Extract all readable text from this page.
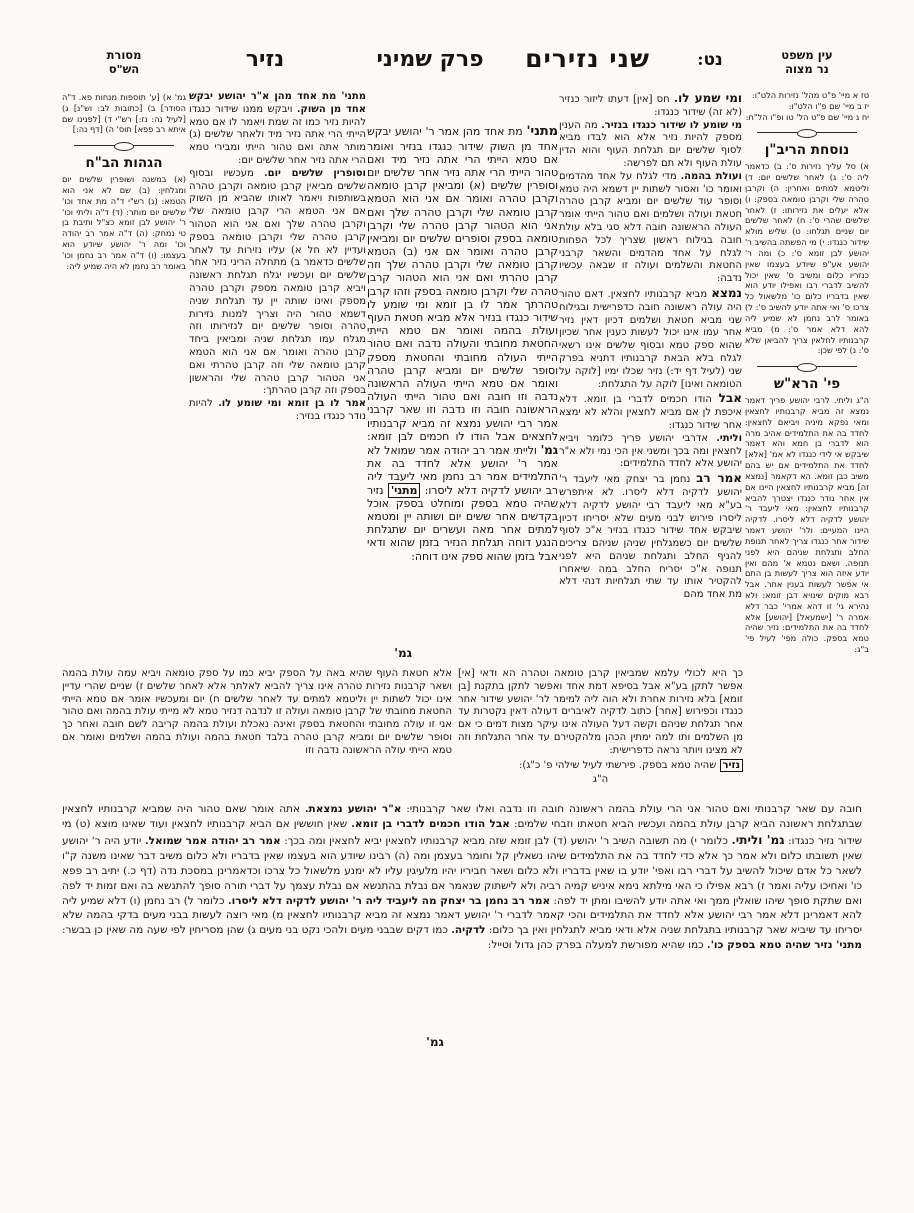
עין משפט
נר מצוה
נט:
שני נזירים
פרק שמיני
נזיר
מסורת
הש"ס
טז א מיי' פ"ט מהל' נזירות הלט"ו:
יז ב מיי' שם פ"ו הלט"ו:
יח ג מיי' שם פ"ט הל' טו ופ"ו הל"ח:
נוסחת הריב"ן
א) סל עליך נזירות ס': ב) כדאמר ליה ס': ג) לאחר שלשים יום: ד) וליטמא למתים ואחרין: ה) וקרבן טהרה שלי וקרבן טומאה בספק: ו) אלא יעלים את נזירותו: ז) לאחר שלשים שהרי ס': ח) לאחר שלשים יום שניים תגלחו: ט) שליש מולא שידור כנגדו: י) מי הפשתה בהשיב ר' יהושע לבן זומא ס': כ) ומה ר' יהושע אע"פ שיודע בעצמו שאין כנזריו כלום ומשיב ס' שאין יכול להשיב לדברי רבו ואפילו יודע הוא שאין בדבריו כלום כו' מלשאול כל צרכו ס' ואי אתה יודע להשיב ס': ל) באומר לרב נחמן לא שמיע ליה להא דלא אמר ס': מ) מביא קרבנותיו לחלאין צריך להביאן שלא ס': נ) לפי שכן:
פי' הרא"ש
ה"ג וליתי. לרבי יהושע פריך דאמר נמצא זה מביא קרבנותיו לחצאין ומאי נפקא מיניה ויביאם לחצאין: לחדד בה את התלמידים אהיב מרה הוא לדברי בן חמא והא דאמר שיבקש אי לידי כנגדו לא אמ' [אלא] לחדד את התלמידים אם יש בהם משיב כבן זומא. הא דקאמר [נמצא זה] מביא קרבנותיו לחצאין היינו אם אין אחר נודר כנגדו יצטרך להביא קרבנותיו לחצאין: מאי ליעבד ר' יהושע לדקיה דלא ליסרו. לדקיה היינו המעיים: ולר' יהושע דאמר שידור אחר כנגדו צריך לאחר תנופת החלב ותגלחת שניהם היא לפני תנופה. ושאם נטמא א' מהם ואין יודע איזה הוא צריך לעשות בן התם אי אפשר לעשות בענין אחר. אבל רבא מוקים שינויא דבן זומא: ולא נהירא גי' זו דהא אמרי' כבר דלא אמרה ר' [ישמעאל] [יהושע] אלא לחדד בה את התלמידים: נזיר שהיה טמא בספק. כולה מפי' לעיל פי' ב"ג:
ומי שמע לו. חס [אין] דעתו ליזור כנזיר (לא זה) שידור כנגדו:
מי שומע לו שידור כנגדו בנזיר. מה הענין מספק להיות נזיר אלא הוא לבדו מביא לסוף שלשים יום תגלחת העוף והוא הדין עולת העוף ולא תם לפרשה:
ועולת בהמה. מדי לגלח על אחד מהדמים ואומר כו' ואסור לשתות יין דשמא היה טמא וסופר עוד שלשים יום ומביא קרבן טהרה חטאת ועולה ושלמים ואם טהור הייתי אומר העולה הראשונה חובה דלא סגי בלא עולת חובה בגילוח ראשון שצריך לכל הפחות לגלח על אחד מהדמים והשאר קרבני החטאת והשלמים ועולה זו שבאה עכשיו נדבה:
נמצא מביא קרבנותיו לחצאין. דאם טהור היה עולה ראשונה חובה כדפרישית ובגילוח שני מביא חטאת ושלמים דכיון דאין נזיר אחר עמו אינו יכול לעשות כענין אחר שכיון שהוא ספק טמא ובסוף שלשים אינו רשאי לגלח בלא הבאת קרבנותיו דתניא בפרק שני (לעיל דף יד:) נזיר שכלו ימיו [לוקה על הטומאה ואינו] לוקה על התגלחת:
אבל הודו חכמים לדברי בן זומא. דלא איכפת לן אם מביא לחצאין והלא לא ימצא אחר שידור כנגדו:
וליתי. אדרבי יהושע פריך כלומר ויביא לחצאין ומה בכך ומשני אין הכי נמי ולא א"ר יהושע אלא לחדד התלמידים:
אמר רב נחמן בר יצחק מאי ליעבד ר' יהושע לדקיה דלא ליסרו. לא איתפרש בע"א מאי ליעבד רבי יהושע לדקיה דלא ליסרו פירוש לבני מעים שלא יסריחו דכיון שיבקש אחד שידור כנגדו בנזיר א"כ לסוף שלשים יום כשמגלחין שניהן שניהם צריכים להניף החלב ותגלחת שניהם היא לפני תנופה א"כ יסריח החלב במה שיאחרו להקטיר אותו עד שתי תגלחיות דנהי דלא מת אחד מהם
מתני' מת אחד מהן אמר ר' יהושע יבקש אחד מן השוק שידור כנגדו בנזיר ואומר אם טמא הייתי הרי אתה נזיר מיד ואם טהור הייתי הרי אתה נזיר אחר שלשים יום וסופרין שלשים (א) ומביאין קרבן טומאה וקרבן טהרה ואומר אם אני הוא הטמא קרבן טומאה שלי וקרבן טהרה שלך ואם אני הוא הטהור קרבן טהרה שלי וקרבן טומאה בספק וסופרים שלשים יום ומביאין קרבן טהרה ואומר אם אני (ב) הטמא קרבן טומאה שלי וקרבן טהרה שלך וזה קרבן טהרתי ואם אני הוא הטהור קרבן טהרה שלי וקרבן טומאה בספק וזהו קרבן טהרתך אמר לו בן זומא ומי שומע לו שידור כנגדו בנזיר אלא מביא חטאת העוף ועולת בהמה ואומר אם טמא הייתי החטאת מחובתי והעולה נדבה ואם טהור הייתי העולה מחובתי והחטאת מספק וסופר שלשים יום ומביא קרבן טהרה ואומר אם טמא הייתי העולה הראשונה נדבה וזו חובה ואם טהור הייתי העולה הראשונה חובה וזו נדבה וזו שאר קרבני אמר רבי יהושע נמצא זה מביא קרבנותיו לחצאים אבל הודו לו חכמים לבן זומא: גמ' ולייתי אמר רב יהודה אמר שמואל לא אמר ר' יהושע אלא לחדד בה את התלמידים אמר רב נחמן מאי ליעבד ליה רב יהושע לדקיה דלא ליסרו: מתני' נזיר שהיה טמא בספק ומוחלט בספק אוכל בקדשים אחר ששים יום ושותה יין ומטמא למתים אחר מאה ועשרים יום שתגלחת הנגע דוחה תגלחת הנזיר בזמן שהוא ודאי אבל בזמן שהוא ספק אינו דוחה:
גמ'
מתני' מת אחד מהן א"ר יהושע יבקש אחד מן השוק. ויבקש ממנו שידור כנגדו להיות נזיר כמו זה שמת ויאמר לו אם טמא הייתי הרי אתה נזיר מיד ולאחר שלשים (ג) מותר אתה ואם טהור הייתי ומבירי טמא הרי אתה נזיר אחר שלשים יום:
וסופרין שלשים יום. מעכשיו ובסוף שלשים מביאין קרבן טומאה וקרבן טהרה בשותפות ויאמר לאותו שהביא מן השוק אם אני הטמא הרי קרבן טומאה שלי וקרבן טהרה שלך ואם אני הוא הטהור קרבן טהרה שלי וקרבן טומאה בספק ועדיין לא חל א) עליו נזירות עד לאחר שלשים כדאמר ב) מתחלה הריני נזיר אחר שלשים יום ועכשיו יגלח תגלחת ראשונה ויביא קרבן טומאה מספק וקרבן טהרה מספק ואינו שותה יין עד תגלחת שניה דשמא טהור היה וצריך למנות נזירות טהרה וסופר שלשים יום לנזירותו וזה מגלח עמו תגלחת שניה ומביאין ביחד קרבן טהרה ואומר אם אני הוא הטמא קרבן טומאה שלי וזה קרבן טהרתי ואם אני הטהור קרבן טהרה שלי והראשון בספק וזה קרבן טהרתך:
אמר לו בן זומא ומי שומע לו. להיות נודר כנגדו בנזיר:
גמ' א) [ע' תוספות מנחות פא. ד"ה הסודר] ב) [כתובות לב: וש"נ] ג) [לעיל נה: נז:] רש"י ד) [לפנינו שם איתא רב פפא] תוס' ה) [דף נה:]
הגהות הב"ח
(א) במשנה ושופרין שלשים יום ומגלחין: (ב) שם לא אני הוא הטמא: (ג) רש"י ד"ה מת אחד וכו' שלשים יום מותר: (ד) ד"ה וליתי וכו' ר' יהושע לבן זומא כצ"ל ותיבת בן טי נמחק: (ה) ד"ה אמר רב יהודה וכו' ומה ר' יהושע שיודע הוא בעצמו: (ו) ד"ה אמר רב נחמן וכו' באומר רב נחמן לא היה שמיע ליה:
כך היא לכולי עלמא שמביאין קרבן טומאה וטהרה הא ודאי [אי] אפשר לתקן בע"א אבל בסיפא דמת אחד ואפשר לתקן בתקנת [בן זומא] בלא נזירות אחרת ולא הוה ליה למימר לר' יהושע שידור אחר כנגדו וכפירוש [אחר] כתוב לדקיה לאיברים דעולה דאין נקטרות עד אחר תגלחת שניהם וקשה דעל העולה אינו עיקר מצות דמים כי אם מן השלמים ותו למה ימתין הכהן מלהקטירם עד אחר התגלחת וזה לא מצינו ויותר נראה כדפרישית:
נזיר שהיה טמא בספק. פירשתי לעיל שילהי פ' כ"ג):
ה"ג
אלא חטאת העוף שהיא באה על הספק יביא כמו על ספק טומאה ויביא עמה עולת בהמה ושאר קרבנות נזירות טהרה אינו צריך להביא לאלתר אלא לאחר שלשים ז) שניים שהרי עדיין אינו יכול לשתות יין וליטמא למתים עד לאחר שלשים ח) יום ומעכשיו אומר אם טמא הייתי החטאת מחובתי של קרבן טומאה ועולה זו לנדבה דנזיר טמא לא מייתי עולת בהמה ואם טהור אני זו עולה מחובתי והחטאת בספק ואינה נאכלת ועולת בהמה קריבה לשם חובה ואחר כך וסופר שלשים יום ומביא קרבן טהרה בלבד חטאת בהמה ועולת בהמה ושלמים ואומר אם טמא הייתי עולה הראשונה נדבה וזו
חובה עם שאר קרבנותי ואם טהור אני הרי עולת בהמה ראשונה חובה וזו נדבה ואלו שאר קרבנותי: א"ר יהושע נמצאת. אתה אומר שאם טהור היה שמביא קרבנותיו לחצאין שבתגלחת ראשונה הביא קרבן עולת בהמה ועכשיו הביא חטאתו וזבחי שלמים: אבל הודו חכמים לדברי בן זומא. שאין חוששין אם הביא קרבנותיו לחצאין ועוד שאינו מוצא (ט) מי שידור נזיר כנגדו: גמ' וליתי. כלומר י) מה תשובה השיב ר' יהושע (ד) לבן זומא שזה מביא קרבנותיו לחצאין יביא לחצאין ומה בכך: אמר רב יהודה אמר שמואל. יודע היה ר' יהושע שאין תשובתו כלום ולא אמר כך אלא כדי לחדד בה את התלמידים שיהו נשאלין קל וחומר בעצמן ומה (ה) רבינו שיודע הוא בעצמו שאין בדבריו ולא כלום משיב דבר שאינו משנה ק"ו לשאר כל אדם שיכול להשיב על דברי רבו ואפי' יודע בו שאין בדבריו ולא כלום ושאר חביריו יהיו מלעיגין עליו לא ימנע מלשאול כל צרכו וכדאמרינן במסכת נדה (דף כ.) יתיב רב פפא כו' ואחיכו עליה ואמר ז) רבא אפילו כי האי מילתא נימא איניש קמיה רביה ולא לישתוק שנאמר אם נבלת בהתנשא אם נבלת עצמך על דברי תורה סופך להתנשא בה ואם זמות יד לפה ואם שתקת סופך שיהו שואלין ממך ואי אתה יודע להשיבו ומתן יד לפה: אמר רב נחמן בר יצחק מה ליעביד ליה ר' יהושע לדקיה דלא ליסרו. כלומר ל) רב נחמן (ו) דלא שמיע ליה להא דאמרינן דלא אמר רבי יהושע אלא לחדד את התלמידים והכי קאמר לדברי ר' יהושע דאמר נמצא זה מביא קרבנותיו לחצאין מ) מאי רוצה לעשות בבני מעים בדקי בהמה שלא יסריחו עד שיביא שאר קרבנותיו בתגלחת שניה אלא ודאי מביא לתגלחין ואין בך כלום: לדקיה. כמו דקים שבבני מעים ולהכי נקט בני מעים ג) שהן מסריחין לפי שעה מה שאין כן בבשר: מתני' נזיר שהיה טמא בספק כו'. כמו שהיא מפורשת למעלה בפרק כהן גדול וטייל:
גמ'
